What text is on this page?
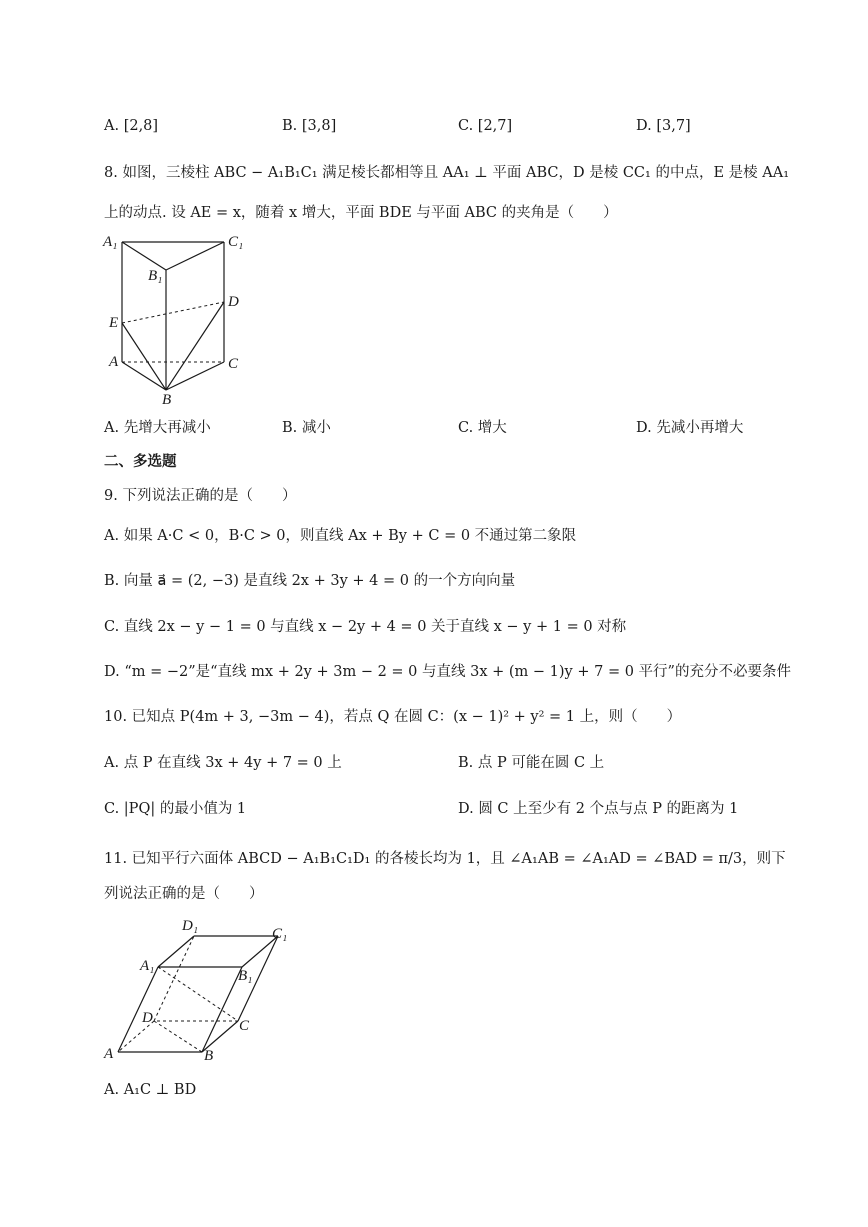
A. [2,8]	B. [3,8]	C. [2,7]	D. [3,7]
8. 如图，三棱柱 ABC − A₁B₁C₁ 满足棱长都相等且 AA₁ ⊥ 平面 ABC，D 是棱 CC₁ 的中点，E 是棱 AA₁
上的动点. 设 AE = x，随着 x 增大，平面 BDE 与平面 ABC 的夹角是（　　）
A₁	C₁
B₁
D
E
A	C
B
A. 先增大再减小	B. 减小	C. 增大	D. 先减小再增大
二、多选题
9. 下列说法正确的是（　　）
A. 如果 A·C < 0，B·C > 0，则直线 Ax + By + C = 0 不通过第二象限
B. 向量 a⃗ = (2, −3) 是直线 2x + 3y + 4 = 0 的一个方向向量
C. 直线 2x − y − 1 = 0 与直线 x − 2y + 4 = 0 关于直线 x − y + 1 = 0 对称
D. “m = −2”是“直线 mx + 2y + 3m − 2 = 0 与直线 3x + (m − 1)y + 7 = 0 平行”的充分不必要条件
10. 已知点 P(4m + 3, −3m − 4)，若点 Q 在圆 C：(x − 1)² + y² = 1 上，则（　　）
A. 点 P 在直线 3x + 4y + 7 = 0 上	B. 点 P 可能在圆 C 上
C. |PQ| 的最小值为 1	D. 圆 C 上至少有 2 个点与点 P 的距离为 1
11. 已知平行六面体 ABCD − A₁B₁C₁D₁ 的各棱长均为 1，且 ∠A₁AB = ∠A₁AD = ∠BAD = π/3，则下
列说法正确的是（　　）
D₁	C₁
A₁
B₁
D	C
A	B
A. A₁C ⊥ BD
